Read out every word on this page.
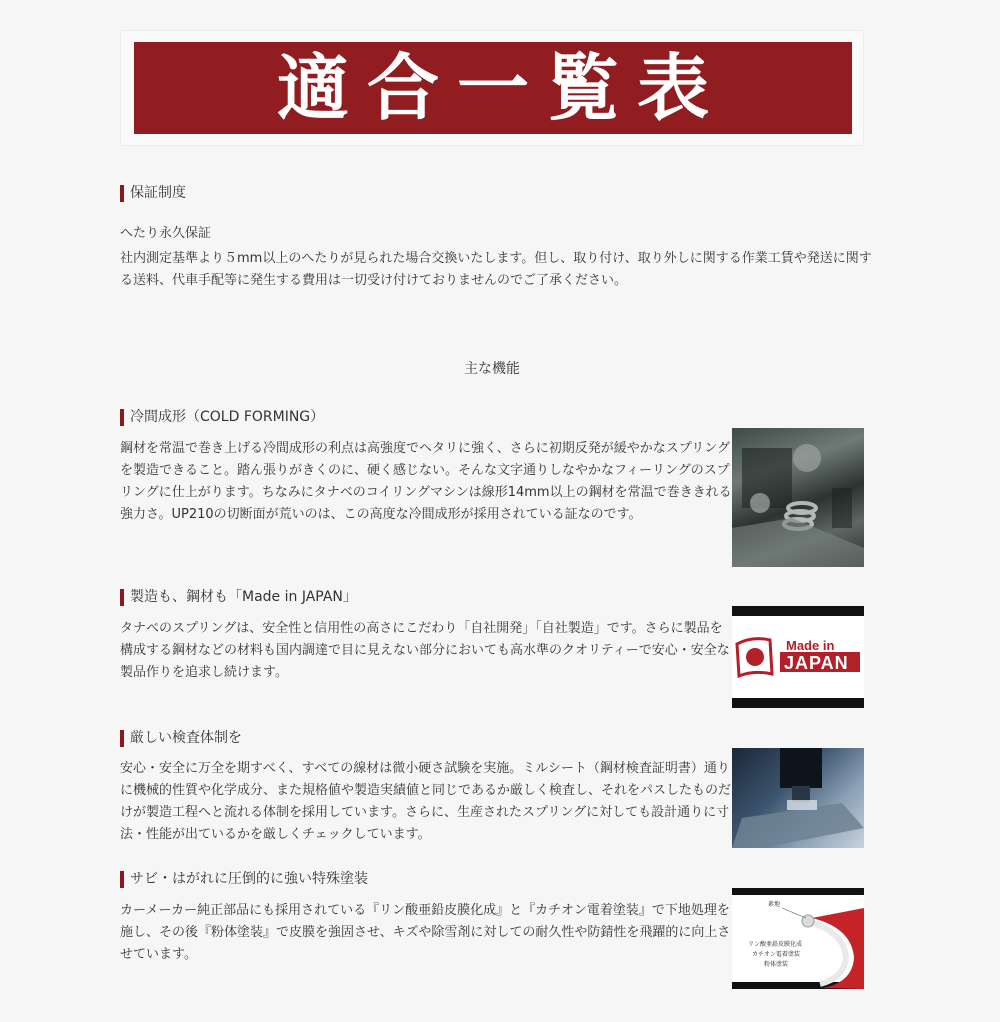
適合一覧表
保証制度
へたり永久保証

社内測定基準より５mm以上のへたりが見られた場合交換いたします。但し、取り付け、取り外しに関する作業工賃や発送に関す
る送料、代車手配等に発生する費用は一切受け付けておりませんのでご了承ください。

主な機能
冷間成形（COLD FORMING）

鋼材を常温で巻き上げる冷間成形の利点は高強度でヘタリに強く、さらに初期反発が緩やかなスプリング
を製造できること。踏ん張りがきくのに、硬く感じない。そんな文字通りしなやかなフィーリングのスプ
リングに仕上がります。ちなみにタナベのコイリングマシンは線形14mm以上の鋼材を常温で巻ききれる
強力さ。UP210の切断面が荒いのは、この高度な冷間成形が採用されている証なのです。

製造も、鋼材も「Made in JAPAN」

タナベのスプリングは、安全性と信用性の高さにこだわり「自社開発」「自社製造」です。さらに製品を
構成する鋼材などの材料も国内調達で目に見えない部分においても高水準のクオリティーで安心・安全な
製品作りを追求し続けます。

Made in
JAPAN
厳しい検査体制を

安心・安全に万全を期すべく、すべての線材は微小硬さ試験を実施。ミルシート（鋼材検査証明書）通り
に機械的性質や化学成分、また規格値や製造実績値と同じであるか厳しく検査し、それをパスしたものだ
けが製造工程へと流れる体制を採用しています。さらに、生産されたスプリングに対しても設計通りに寸
法・性能が出ているかを厳しくチェックしています。

サビ・はがれに圧倒的に強い特殊塗装

カーメーカー純正部品にも採用されている『リン酸亜鉛皮膜化成』と『カチオン電着塗装』で下地処理を
施し、その後『粉体塗装』で皮膜を強固させ、キズや除雪剤に対しての耐久性や防錆性を飛躍的に向上さ
せています。

素地
リン酸亜鉛皮膜化成
カチオン電着塗装
粉体塗装
